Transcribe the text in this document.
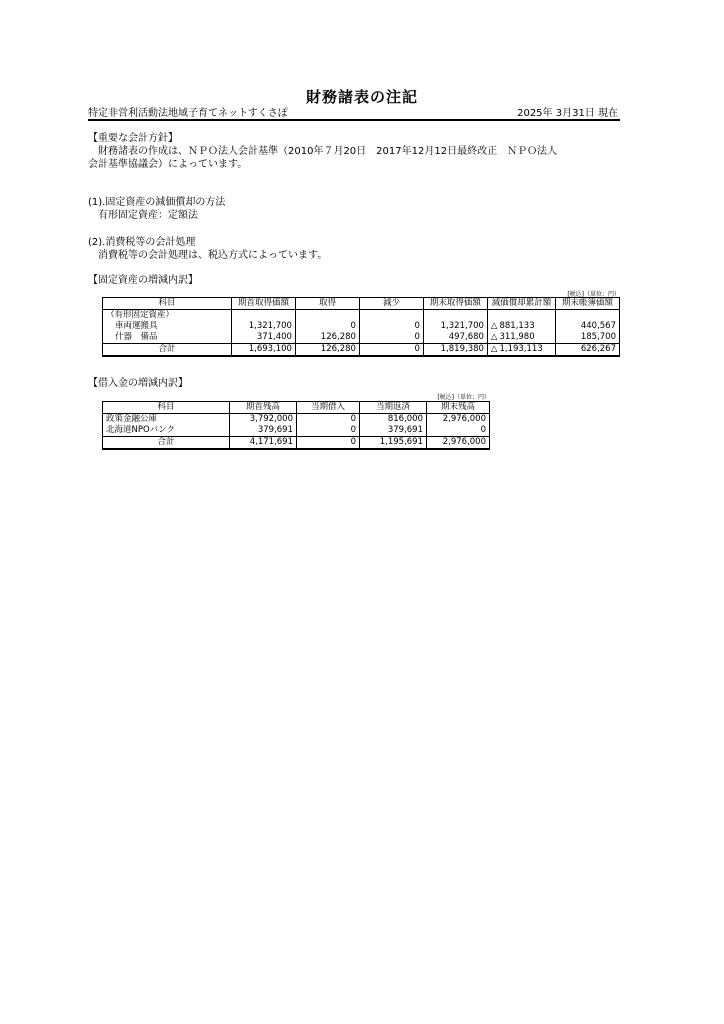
財務諸表の注記
特定非営利活動法地域子育てネットすくさぽ	2025年 3月31日 現在
【重要な会計方針】
財務諸表の作成は、ＮＰＯ法人会計基準（2010年７月20日　2017年12月12日最終改正　ＮＰＯ法人
会計基準協議会）によっています。
(1).固定資産の減価償却の方法
有形固定資産：定額法
(2).消費税等の会計処理
消費税等の会計処理は、税込方式によっています。
【固定資産の増減内訳】
[税込]（単位：円）
科目	期首取得価額	取得	減少	期末取得価額	減価償却累計額	期末帳簿価額
（有形固定資産）						
車両運搬具	1,321,700	0	0	1,321,700	△ 881,133	440,567
什器　備品	371,400	126,280	0	497,680	△ 311,980	185,700
合計	1,693,100	126,280	0	1,819,380	△ 1,193,113	626,267
【借入金の増減内訳】
[税込]（単位：円）
科目	期首残高	当期借入	当期返済	期末残高
政策金融公庫	3,792,000	0	816,000	2,976,000
北海道NPOバンク	379,691	0	379,691	0
合計	4,171,691	0	1,195,691	2,976,000
